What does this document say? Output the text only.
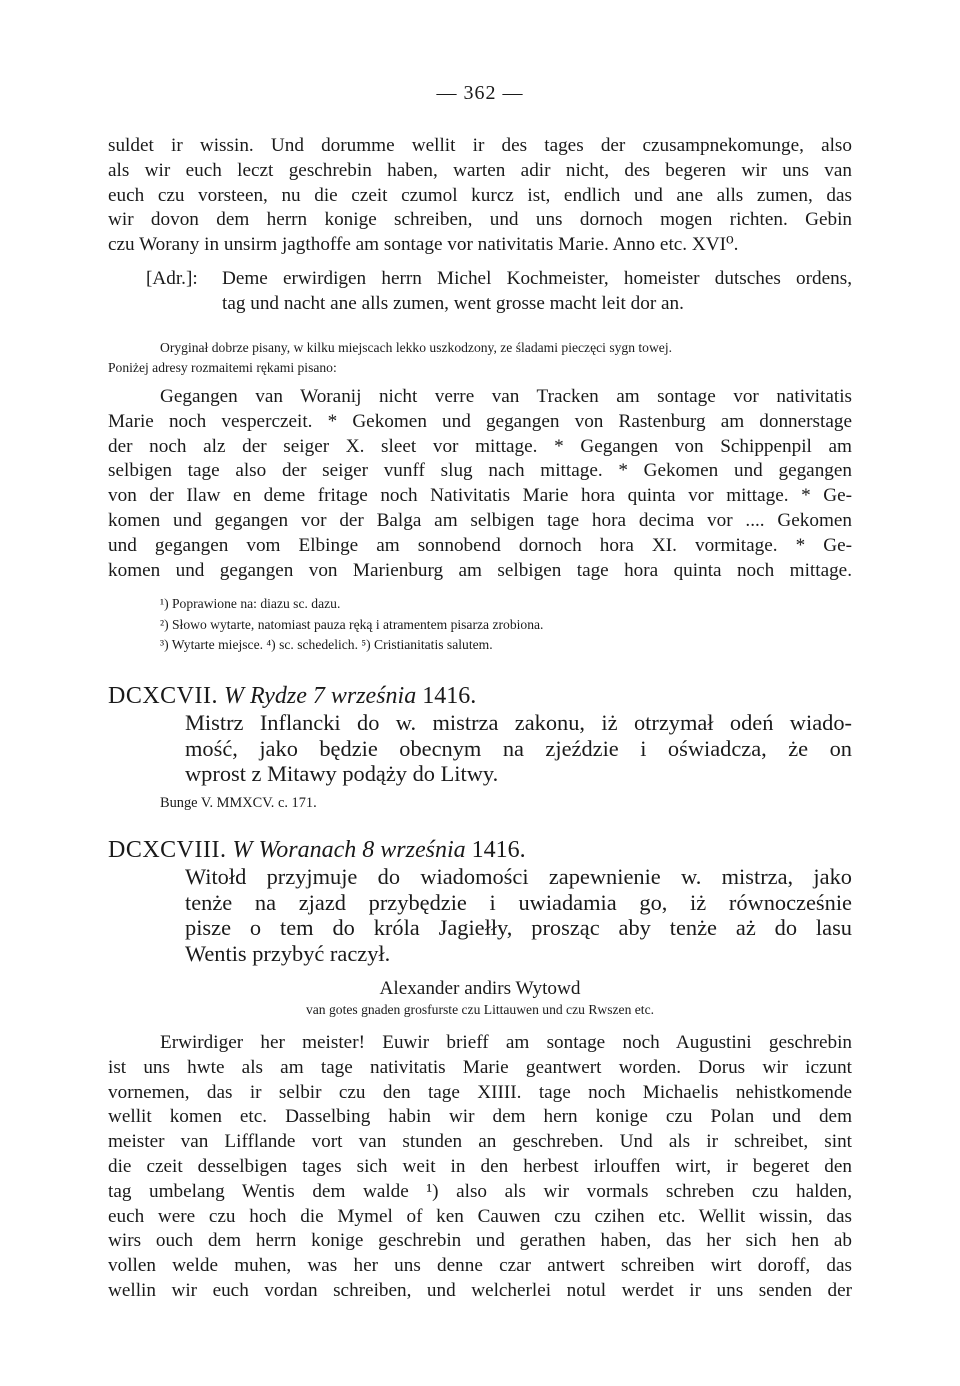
— 362 —
suldet ir wissin. Und dorumme wellit ir des tages der czusampnekomunge, also
als wir euch leczt geschrebin haben, warten adir nicht, des begeren wir uns van
euch czu vorsteen, nu die czeit czumol kurcz ist, endlich und ane alls zumen, das
wir dovon dem herrn konige schreiben, und uns dornoch mogen richten. Gebin
czu Worany in unsirm jagthoffe am sontage vor nativitatis Marie. Anno etc. XVI⁰.
[Adr.]: Deme erwirdigen herrn Michel Kochmeister, homeister dutsches ordens,
tag und nacht ane alls zumen, went grosse macht leit dor an.
Oryginał dobrze pisany, w kilku miejscach lekko uszkodzony, ze śladami pieczęci sygn towej.
Poniżej adresy rozmaitemi rękami pisano:
Gegangen van Woranij nicht verre van Tracken am sontage vor nativitatis
Marie noch vesperczeit. * Gekomen und gegangen von Rastenburg am donnerstage
der noch alz der seiger X. sleet vor mittage. * Gegangen von Schippenpil am
selbigen tage also der seiger vunff slug nach mittage. * Gekomen und gegangen
von der Ilaw en deme fritage noch Nativitatis Marie hora quinta vor mittage. * Ge-
komen und gegangen vor der Balga am selbigen tage hora decima vor .... Gekomen
und gegangen vom Elbinge am sonnobend dornoch hora XI. vormitage. * Ge-
komen und gegangen von Marienburg am selbigen tage hora quinta noch mittage.
¹) Poprawione na: diazu sc. dazu.
²) Słowo wytarte, natomiast pauza ręką i atramentem pisarza zrobiona.
³) Wytarte miejsce. ⁴) sc. schedelich. ⁵) Cristianitatis salutem.
DCXCVII. W Rydze 7 września 1416.
Mistrz Inflancki do w. mistrza zakonu, iż otrzymał odeń wiado-
mość, jako będzie obecnym na zjeździe i oświadcza, że on
wprost z Mitawy podąży do Litwy.
Bunge V. MMXCV. c. 171.
DCXCVIII. W Woranach 8 września 1416.
Witołd przyjmuje do wiadomości zapewnienie w. mistrza, jako
tenże na zjazd przybędzie i uwiadamia go, iż równocześnie
pisze o tem do króla Jagiełły, prosząc aby tenże aż do lasu
Wentis przybyć raczył.
Alexander andirs Wytowd
van gotes gnaden grosfurste czu Littauwen und czu Rwszen etc.
Erwirdiger her meister! Euwir brieff am sontage noch Augustini geschrebin
ist uns hwte als am tage nativitatis Marie geantwert worden. Dorus wir iczunt
vornemen, das ir selbir czu den tage XIIII. tage noch Michaelis nehistkomende
wellit komen etc. Dasselbing habin wir dem hern konige czu Polan und dem
meister van Lifflande vort van stunden an geschreben. Und als ir schreibet, sint
die czeit desselbigen tages sich weit in den herbest irlouffen wirt, ir begeret den
tag umbelang Wentis dem walde ¹) also als wir vormals schreben czu halden,
euch were czu hoch die Mymel of ken Cauwen czu czihen etc. Wellit wissin, das
wirs ouch dem herrn konige geschrebin und gerathen haben, das her sich hen ab
vollen welde muhen, was her uns denne czar antwert schreiben wirt doroff, das
wellin wir euch vordan schreiben, und welcherlei notul werdet ir uns senden der
